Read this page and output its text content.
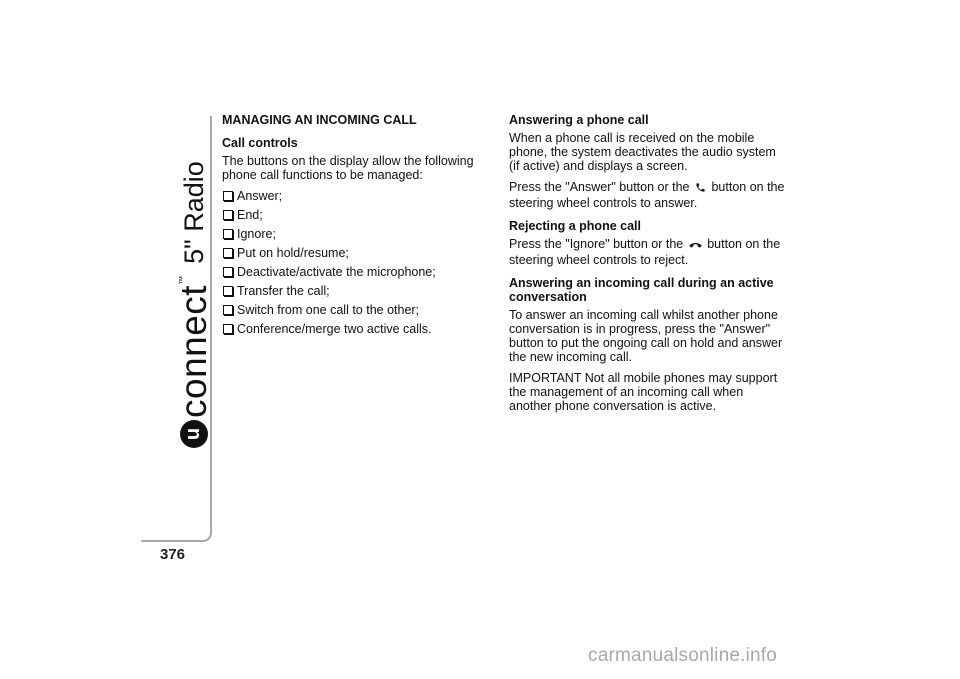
u
connect
™
5" Radio
376
MANAGING AN INCOMING CALL
Call controls

The buttons on the display allow the following phone call functions to be managed:

Answer;
End;
Ignore;
Put on hold/resume;
Deactivate/activate the microphone;
Transfer the call;
Switch from one call to the other;
Conference/merge two active calls.
Answering a phone call

When a phone call is received on the mobile phone, the system deactivates the audio system (if active) and displays a screen.

Press the "Answer" button or the button on the steering wheel controls to answer.

Rejecting a phone call

Press the "Ignore" button or the button on the steering wheel controls to reject.

Answering an incoming call during an active conversation

To answer an incoming call whilst another phone conversation is in progress, press the "Answer" button to put the ongoing call on hold and answer the new incoming call.

IMPORTANT Not all mobile phones may support the management of an incoming call when another phone conversation is active.

carmanualsonline.info
